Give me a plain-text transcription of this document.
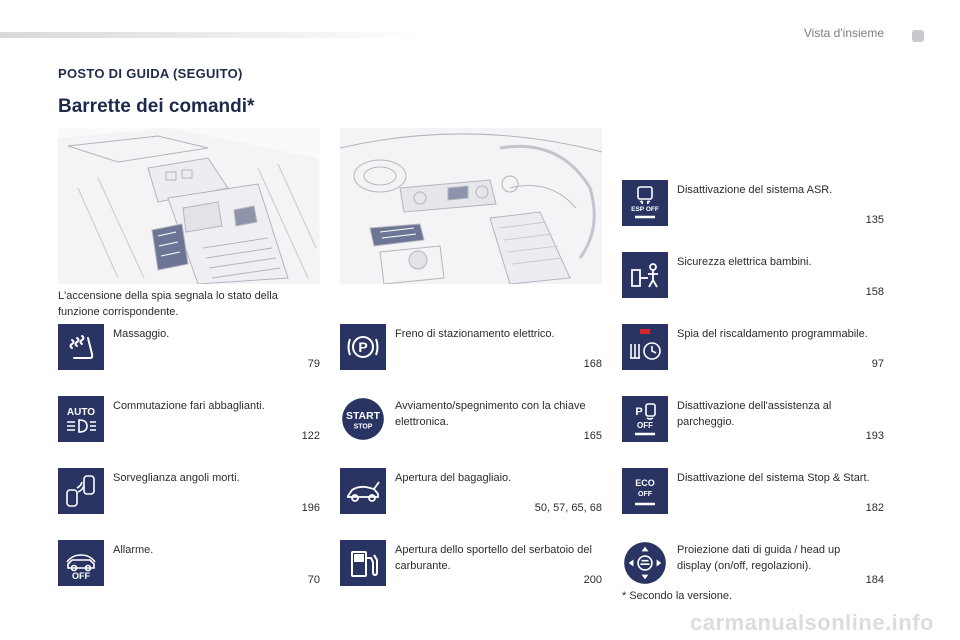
Vista d'insieme
POSTO DI GUIDA (SEGUITO)
Barrette dei comandi*
L'accensione della spia segnala lo stato della funzione corrispondente.
Massaggio.
79
AUTO
Commutazione fari abbaglianti.
122
Sorveglianza angoli morti.
196
OFF
Allarme.
70
P
Freno di stazionamento elettrico.
168
START
STOP
Avviamento/spegnimento con la chiave elettronica.
165
Apertura del bagagliaio.
50, 57, 65, 68
Apertura dello sportello del serbatoio del carburante.
200
ESP OFF
Disattivazione del sistema ASR.
135
Sicurezza elettrica bambini.
158
Spia del riscaldamento programmabile.
97
P
OFF
Disattivazione dell'assistenza al parcheggio.
193
ECO
OFF
Disattivazione del sistema Stop & Start.
182
Proiezione dati di guida / head up display (on/off, regolazioni).
184
* Secondo la versione.
carmanualsonline.info
